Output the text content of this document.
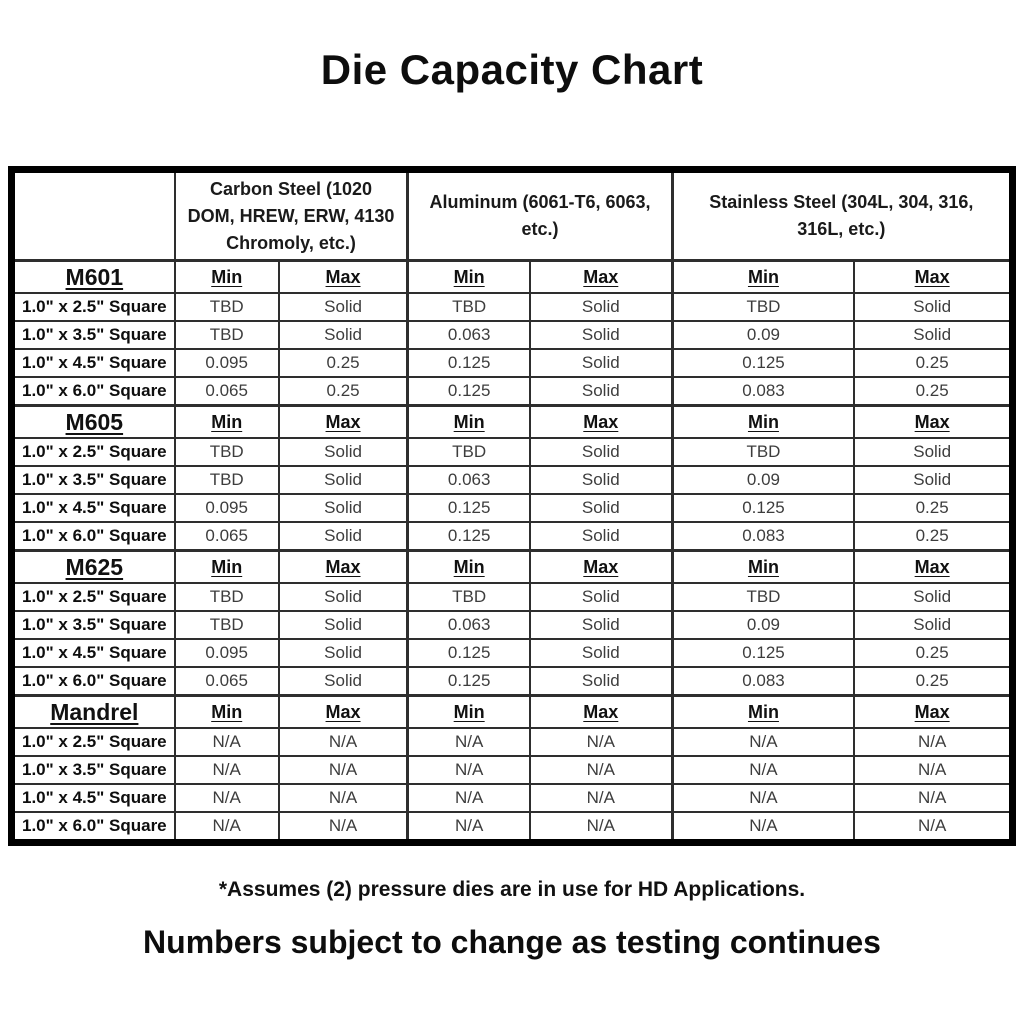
Die Capacity Chart
	Carbon Steel (1020 DOM, HREW, ERW, 4130 Chromoly, etc.)		Aluminum (6061-T6, 6063, etc.)		Stainless Steel (304L, 304, 316, 316L, etc.)	
M601	Min	Max	Min	Max	Min	Max
1.0" x 2.5" Square	TBD	Solid	TBD	Solid	TBD	Solid
1.0" x 3.5" Square	TBD	Solid	0.063	Solid	0.09	Solid
1.0" x 4.5" Square	0.095	0.25	0.125	Solid	0.125	0.25
1.0" x 6.0" Square	0.065	0.25	0.125	Solid	0.083	0.25
M605	Min	Max	Min	Max	Min	Max
1.0" x 2.5" Square	TBD	Solid	TBD	Solid	TBD	Solid
1.0" x 3.5" Square	TBD	Solid	0.063	Solid	0.09	Solid
1.0" x 4.5" Square	0.095	Solid	0.125	Solid	0.125	0.25
1.0" x 6.0" Square	0.065	Solid	0.125	Solid	0.083	0.25
M625	Min	Max	Min	Max	Min	Max
1.0" x 2.5" Square	TBD	Solid	TBD	Solid	TBD	Solid
1.0" x 3.5" Square	TBD	Solid	0.063	Solid	0.09	Solid
1.0" x 4.5" Square	0.095	Solid	0.125	Solid	0.125	0.25
1.0" x 6.0" Square	0.065	Solid	0.125	Solid	0.083	0.25
Mandrel	Min	Max	Min	Max	Min	Max
1.0" x 2.5" Square	N/A	N/A	N/A	N/A	N/A	N/A
1.0" x 3.5" Square	N/A	N/A	N/A	N/A	N/A	N/A
1.0" x 4.5" Square	N/A	N/A	N/A	N/A	N/A	N/A
1.0" x 6.0" Square	N/A	N/A	N/A	N/A	N/A	N/A

*Assumes (2) pressure dies are in use for HD Applications.

Numbers subject to change as testing continues
